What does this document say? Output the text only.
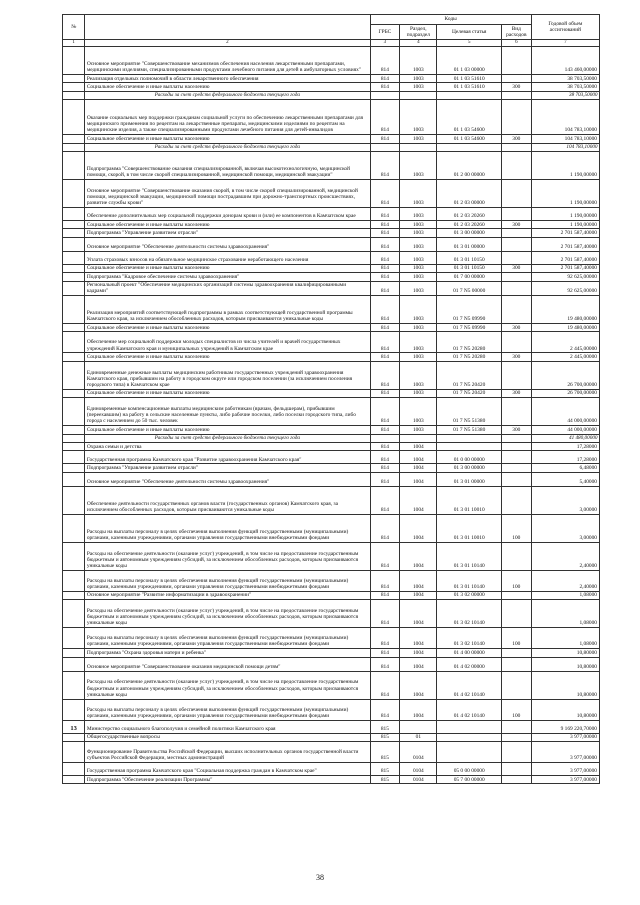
№		Коды				Годовой объем ассигнований
		ГРБС	Раздел, подраздел	Целевая статья	Вид расходов	
1	2	3	4	5	6	7
	Основное мероприятие "Совершенствование механизмов обеспечения населения лекарственными препаратами, медицинскими изделиями, специализированными продуктами лечебного питания для детей в амбулаторных условиях"	814	1003	01 1 03 00000		143 460,00000
	Реализация отдельных полномочий в области лекарственного обеспечения	814	1003	01 1 03 51610		38 703,50000
	Социальное обеспечение и иные выплаты населению	814	1003	01 1 03 51610	300	38 703,50000
	Расходы за счет средств федерального бюджета текущего года					38 703,50000
	Оказание социальных мер поддержки гражданам социальной услуги по обеспечению лекарственными препаратами для медицинского применения по рецептам на лекарственные препараты, медицинскими изделиями по рецептам на медицинские изделия, а также специализированными продуктами лечебного питания для детей-инвалидов	814	1003	01 1 03 54600		104 783,10000
	Социальное обеспечение и иные выплаты населению	814	1003	01 1 03 54600	300	104 783,10000
	Расходы за счет средств федерального бюджета текущего года					104 783,10000
	Подпрограмма "Совершенствование оказания специализированной, включая высокотехнологичную, медицинской помощи, скорой, в том числе скорой специализированной, медицинской помощи, медицинской эвакуации"	814	1003	01 2 00 00000		1 190,00000
	Основное мероприятие "Совершенствование оказания скорой, в том числе скорой специализированной, медицинской помощи, медицинской эвакуации, медицинской помощи пострадавшим при дорожно-транспортных происшествиях, развитие службы крови"	814	1003	01 2 03 00000		1 190,00000
	Обеспечение дополнительных мер социальной поддержки донорам крови и (или) ее компонентов в Камчатском крае	814	1003	01 2 03 20260		1 190,00000
	Социальное обеспечение и иные выплаты населению	814	1003	01 2 03 20260	300	1 190,00000
	Подпрограмма "Управление развитием отрасли"	814	1003	01 3 00 00000		2 701 587,40000
	Основное мероприятие "Обеспечение деятельности системы здравоохранения"	814	1003	01 3 01 00000		2 701 587,40000
	Уплата страховых взносов на обязательное медицинское страхование неработающего населения	814	1003	01 3 01 10150		2 701 587,40000
	Социальное обеспечение и иные выплаты населению	814	1003	01 3 01 10150	300	2 701 587,40000
	Подпрограмма "Кадровое обеспечение системы здравоохранения"	814	1003	01 7 00 00000		92 625,00000
	Региональный проект "Обеспечение медицинских организаций системы здравоохранения квалифицированными кадрами"	814	1003	01 7 N5 00000		92 625,00000
	Реализация мероприятий соответствующей подпрограммы в рамках соответствующей государственной программы Камчатского края, за исключением обособленных расходов, которым присваиваются уникальные коды	814	1003	01 7 N5 09990		19 480,00000
	Социальное обеспечение и иные выплаты населению	814	1003	01 7 N5 09990	300	19 480,00000
	Обеспечение мер социальной поддержки молодых специалистов из числа учителей и врачей государственных учреждений Камчатского края и муниципальных учреждений в Камчатском крае	814	1003	01 7 N5 20280		2 445,00000
	Социальное обеспечение и иные выплаты населению	814	1003	01 7 N5 20280	300	2 445,00000
	Единовременные денежные выплаты медицинским работникам государственных учреждений здравоохранения Камчатского края, прибывшим на работу в городском округе или городском поселении (за исключением поселения городского типа) в Камчатском крае	814	1003	01 7 N5 20420		26 700,00000
	Социальное обеспечение и иные выплаты населению	814	1003	01 7 N5 20420	300	26 700,00000
	Единовременные компенсационные выплаты медицинским работникам (врачам, фельдшерам), прибывшим (переехавшим) на работу в сельские населенные пункты, либо рабочие поселки, либо поселки городского типа, либо города с населением до 50 тыс. человек	814	1003	01 7 N5 51380		44 000,00000
	Социальное обеспечение и иные выплаты населению	814	1003	01 7 N5 51380	300	44 000,00000
	Расходы за счет средств федерального бюджета текущего года					41 480,00000
	Охрана семьи и детства	814	1004			17,28000
	Государственная программа Камчатского края "Развитие здравоохранения Камчатского края"	814	1004	01 0 00 00000		17,28000
	Подпрограмма "Управление развитием отрасли"	814	1004	01 3 00 00000		6,48000
	Основное мероприятие "Обеспечение деятельности системы здравоохранения"	814	1004	01 3 01 00000		5,40000
	Обеспечение деятельности государственных органов власти (государственных органов) Камчатского края, за исключением обособленных расходов, которым присваиваются уникальные коды	814	1004	01 3 01 10010		3,00000
	Расходы на выплаты персоналу в целях обеспечения выполнения функций государственными (муниципальными) органами, казенными учреждениями, органами управления государственными внебюджетными фондами	814	1004	01 3 01 10010	100	3,00000
	Расходы на обеспечение деятельности (оказание услуг) учреждений, в том числе на предоставление государственным бюджетным и автономным учреждениям субсидий, за исключением обособленных расходов, которым присваиваются уникальные коды	814	1004	01 3 01 10140		2,40000
	Расходы на выплаты персоналу в целях обеспечения выполнения функций государственными (муниципальными) органами, казенными учреждениями, органами управления государственными внебюджетными фондами	814	1004	01 3 01 10140	100	2,40000
	Основное мероприятие "Развитие информатизации в здравоохранении"	814	1004	01 3 02 00000		1,08000
	Расходы на обеспечение деятельности (оказание услуг) учреждений, в том числе на предоставление государственным бюджетным и автономным учреждениям субсидий, за исключением обособленных расходов, которым присваиваются уникальные коды	814	1004	01 3 02 10140		1,08000
	Расходы на выплаты персоналу в целях обеспечения выполнения функций государственными (муниципальными) органами, казенными учреждениями, органами управления государственными внебюджетными фондами	814	1004	01 3 02 10140	100	1,08000
	Подпрограмма "Охрана здоровья матери и ребенка"	814	1004	01 4 00 00000		10,80000
	Основное мероприятие "Совершенствование оказания медицинской помощи детям"	814	1004	01 4 02 00000		10,80000
	Расходы на обеспечение деятельности (оказание услуг) учреждений, в том числе на предоставление государственным бюджетным и автономным учреждениям субсидий, за исключением обособленных расходов, которым присваиваются уникальные коды	814	1004	01 4 02 10140		10,80000
	Расходы на выплаты персоналу в целях обеспечения выполнения функций государственными (муниципальными) органами, казенными учреждениями, органами управления государственными внебюджетными фондами	814	1004	01 4 02 10140	100	10,80000
13	Министерство социального благополучия и семейной политики Камчатского края	815				9 169 220,70000
	Общегосударственные вопросы	815	01			3 977,00000
	Функционирование Правительства Российской Федерации, высших исполнительных органов государственной власти субъектов Российской Федерации, местных администраций	815	0104			3 977,00000
	Государственная программа Камчатского края "Социальная поддержка граждан в Камчатском крае"	815	0104	05 0 00 00000		3 977,00000
	Подпрограмма "Обеспечение реализации Программы"	815	0104	05 7 00 00000		3 977,00000
38
